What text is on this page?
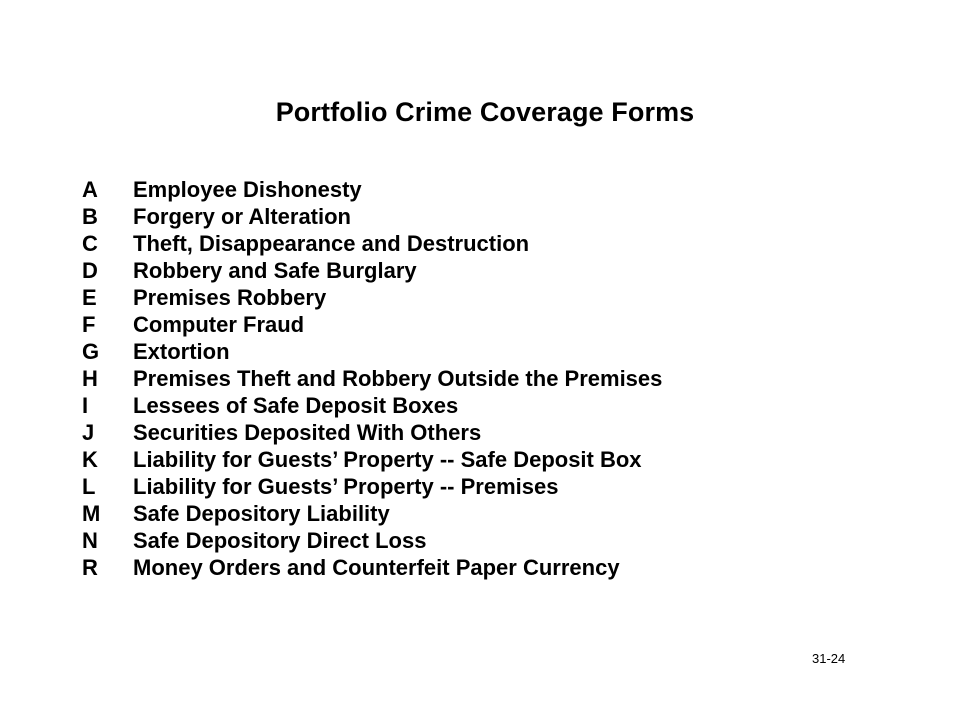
Portfolio Crime Coverage Forms
A	Employee Dishonesty
B	Forgery or Alteration
C	Theft, Disappearance and Destruction
D	Robbery and Safe Burglary
E	Premises Robbery
F	Computer Fraud
G	Extortion
H	Premises Theft and Robbery Outside the Premises
I	Lessees of Safe Deposit Boxes
J	Securities Deposited With Others
K	Liability for Guests’ Property -- Safe Deposit Box
L	Liability for Guests’ Property -- Premises
M	Safe Depository Liability
N	Safe Depository Direct Loss
R	Money Orders and Counterfeit Paper Currency
31-24
